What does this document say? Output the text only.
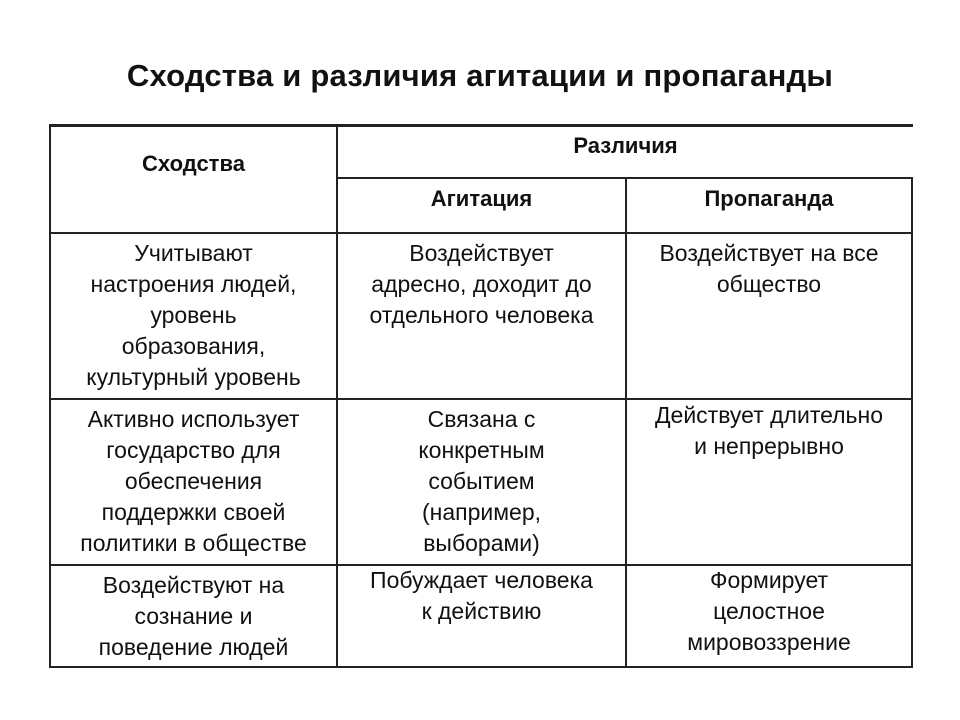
Сходства и различия агитации и пропаганды
Сходства
Различия
Агитация	Пропаганда
Учитывают
настроения людей,
уровень
образования,
культурный уровень
Воздействует
адресно, доходит до
отдельного человека
Воздействует на все
общество
Активно использует
государство для
обеспечения
поддержки своей
политики в обществе
Связана с
конкретным
событием
(например,
выборами)
Действует длительно
и непрерывно
Воздействуют на
сознание и
поведение людей
Побуждает человека
к действию
Формирует
целостное
мировоззрение
